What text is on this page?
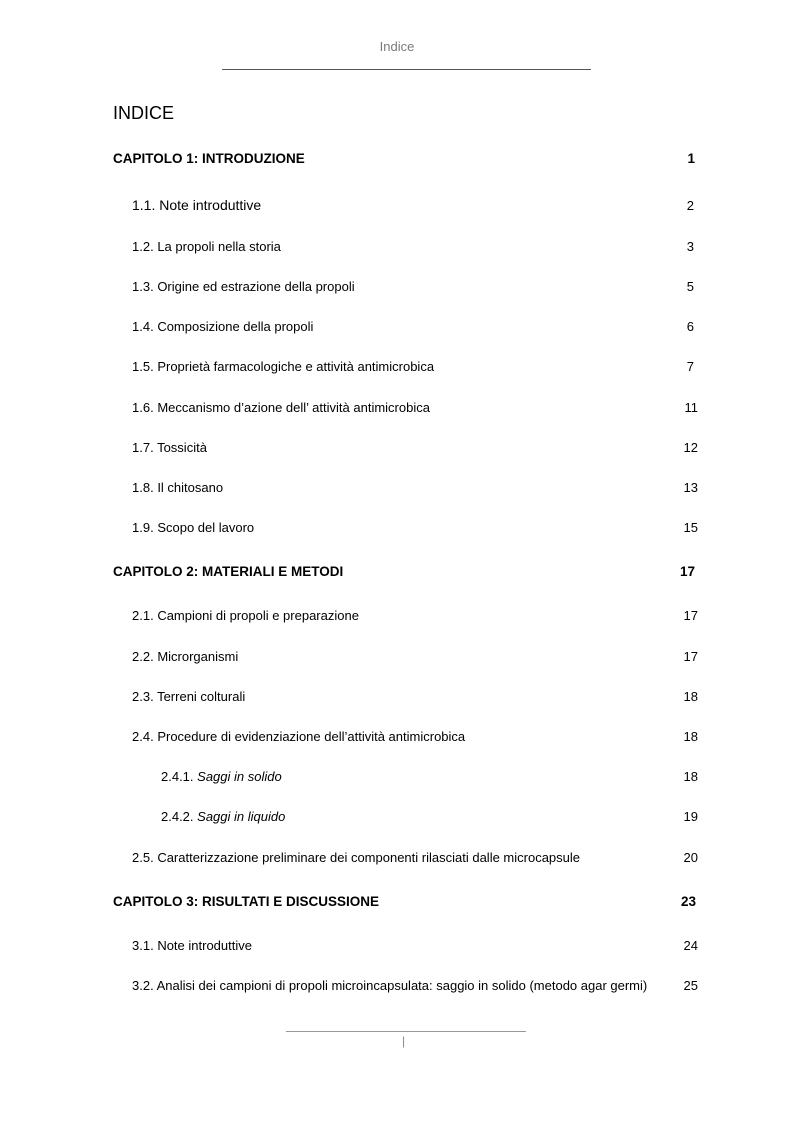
Indice
INDICE
CAPITOLO 1: INTRODUZIONE	1
1.1. Note introduttive	2
1.2. La propoli nella storia	3
1.3. Origine ed estrazione della propoli	5
1.4. Composizione della propoli	6
1.5. Proprietà farmacologiche e attività antimicrobica	7
1.6. Meccanismo d’azione dell’ attività antimicrobica	11
1.7. Tossicità	12
1.8. Il chitosano	13
1.9. Scopo del lavoro	15
CAPITOLO 2: MATERIALI E METODI	17
2.1. Campioni di propoli e preparazione	17
2.2. Microrganismi	17
2.3. Terreni colturali	18
2.4. Procedure di evidenziazione dell’attività antimicrobica	18
2.4.1. Saggi in solido	18
2.4.2. Saggi in liquido	19
2.5. Caratterizzazione preliminare dei componenti rilasciati dalle microcapsule	20
CAPITOLO 3: RISULTATI E DISCUSSIONE	23
3.1. Note introduttive	24
3.2. Analisi dei campioni di propoli microincapsulata: saggio in solido (metodo agar germi)	25
|
